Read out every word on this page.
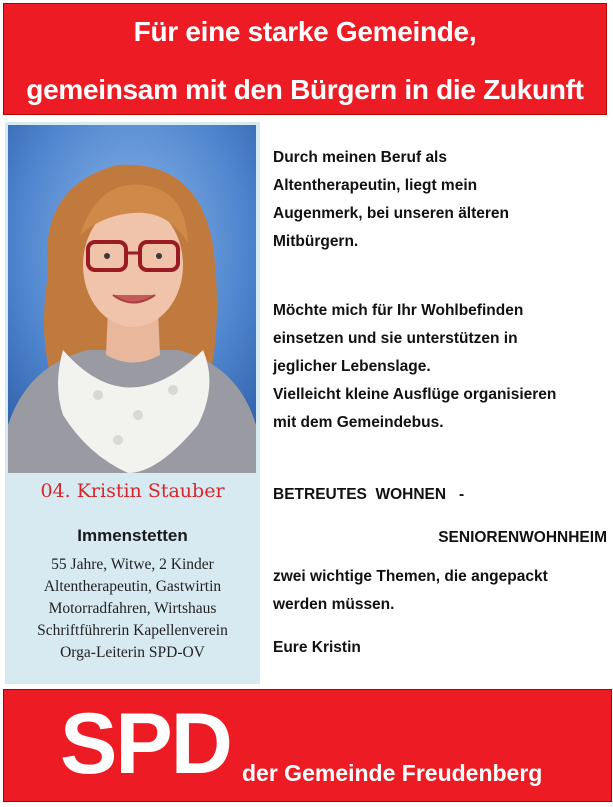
Für eine starke Gemeinde,
gemeinsam mit den Bürgern in die Zukunft
04. Kristin Stauber
Immenstetten
55 Jahre, Witwe, 2 Kinder
Altentherapeutin, Gastwirtin
Motorradfahren, Wirtshaus
Schriftführerin Kapellenverein
Orga-Leiterin SPD-OV
Durch meinen Beruf als
Altentherapeutin, liegt mein
Augenmerk, bei unseren älteren
Mitbürgern.
Möchte mich für Ihr Wohlbefinden
einsetzen und sie unterstützen in
jeglicher Lebenslage.
Vielleicht kleine Ausflüge organisieren
mit dem Gemeindebus.
BETREUTES  WOHNEN   -
SENIORENWOHNHEIM
zwei wichtige Themen, die angepackt
werden müssen.
Eure Kristin
SPD der Gemeinde Freudenberg
